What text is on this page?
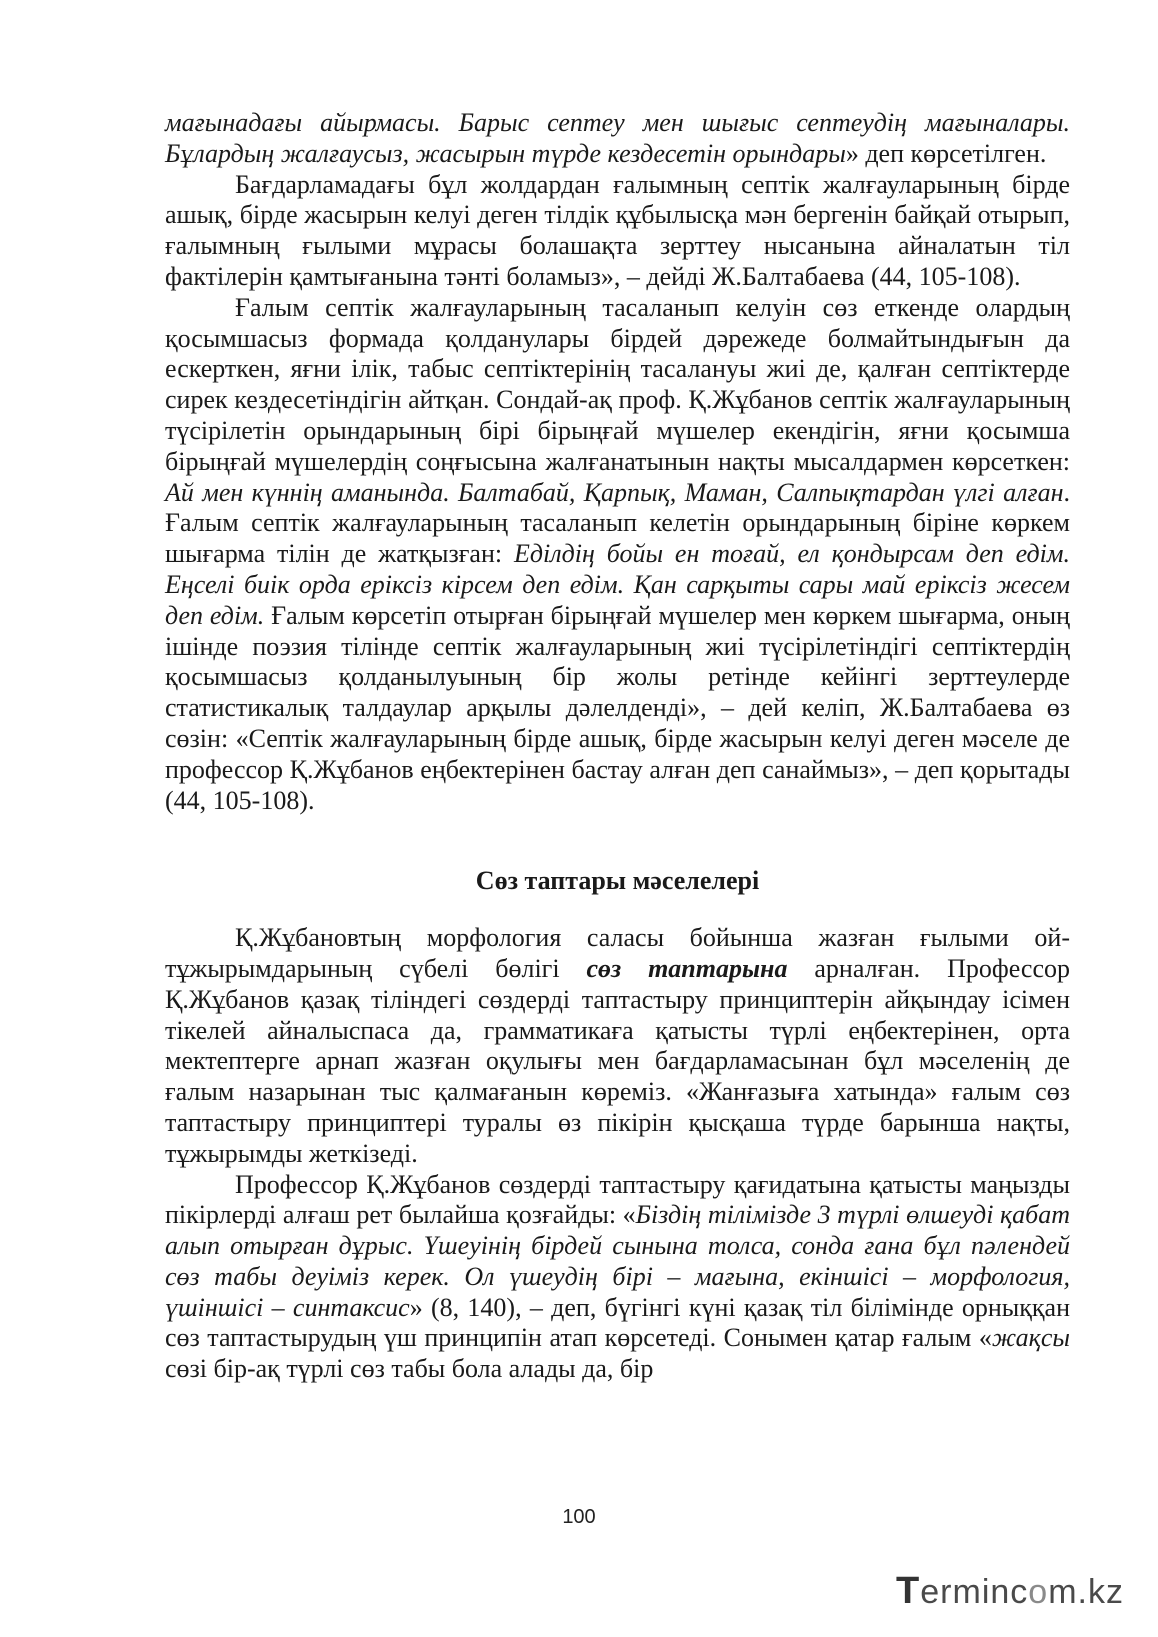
мағынадағы айырмасы. Барыс септеу мен шығыс септеудің мағыналары. Бұлардың жалғаусыз, жасырын түрде кездесетін орындары» деп көрсетілген.

Бағдарламадағы бұл жолдардан ғалымның септік жалғауларының бірде ашық, бірде жасырын келуі деген тілдік құбылысқа мән бергенін байқай отырып, ғалымның ғылыми мұрасы болашақта зерттеу нысанына айналатын тіл фактілерін қамтығанына тәнті боламыз», – дейді Ж.Балтабаева (44, 105-108).

Ғалым септік жалғауларының тасаланып келуін сөз еткенде олардың қосымшасыз формада қолданулары бірдей дәрежеде болмайтындығын да ескерткен, яғни ілік, табыс септіктерінің тасалануы жиі де, қалған септіктерде сирек кездесетіндігін айтқан. Сондай-ақ проф. Қ.Жұбанов септік жалғауларының түсірілетін орындарының бірі бірыңғай мүшелер екендігін, яғни қосымша бірыңғай мүшелердің соңғысына жалғанатынын нақты мысалдармен көрсеткен: Ай мен күннің аманында. Балтабай, Қарпық, Маман, Салпықтардан үлгі алған. Ғалым септік жалғауларының тасаланып келетін орындарының біріне көркем шығарма тілін де жатқызған: Еділдің бойы ен тоғай, ел қондырсам деп едім. Еңселі биік орда еріксіз кірсем деп едім. Қан сарқыты сары май еріксіз жесем деп едім. Ғалым көрсетіп отырған бірыңғай мүшелер мен көркем шығарма, оның ішінде поэзия тілінде септік жалғауларының жиі түсірілетіндігі септіктердің қосымшасыз қолданылуының бір жолы ретінде кейінгі зерттеулерде статистикалық талдаулар арқылы дәлелденді», – дей келіп, Ж.Балтабаева өз сөзін: «Септік жалғауларының бірде ашық, бірде жасырын келуі деген мәселе де профессор Қ.Жұбанов еңбектерінен бастау алған деп санаймыз», – деп қорытады (44, 105-108).

Сөз таптары мәселелері

Қ.Жұбановтың морфология саласы бойынша жазған ғылыми ой-тұжырымдарының сүбелі бөлігі сөз таптарына арналған. Профессор Қ.Жұбанов қазақ тіліндегі сөздерді таптастыру принциптерін айқындау ісімен тікелей айналыспаса да, грамматикаға қатысты түрлі еңбектерінен, орта мектептерге арнап жазған оқулығы мен бағдарламасынан бұл мәселенің де ғалым назарынан тыс қалмағанын көреміз. «Жанғазыға хатында» ғалым сөз таптастыру принциптері туралы өз пікірін қысқаша түрде барынша нақты, тұжырымды жеткізеді.

Профессор Қ.Жұбанов сөздерді таптастыру қағидатына қатысты маңызды пікірлерді алғаш рет былайша қозғайды: «Біздің тілімізде 3 түрлі өлшеуді қабат алып отырған дұрыс. Үшеуінің бірдей сынына толса, сонда ғана бұл пәлендей сөз табы деуіміз керек. Ол үшеудің бірі – мағына, екіншісі – морфология, үшіншісі – синтаксис» (8, 140), – деп, бүгінгі күні қазақ тіл білімінде орныққан сөз таптастырудың үш принципін атап көрсетеді. Сонымен қатар ғалым «жақсы сөзі бір-ақ түрлі сөз табы бола алады да, бір

100
Termincom.kz
